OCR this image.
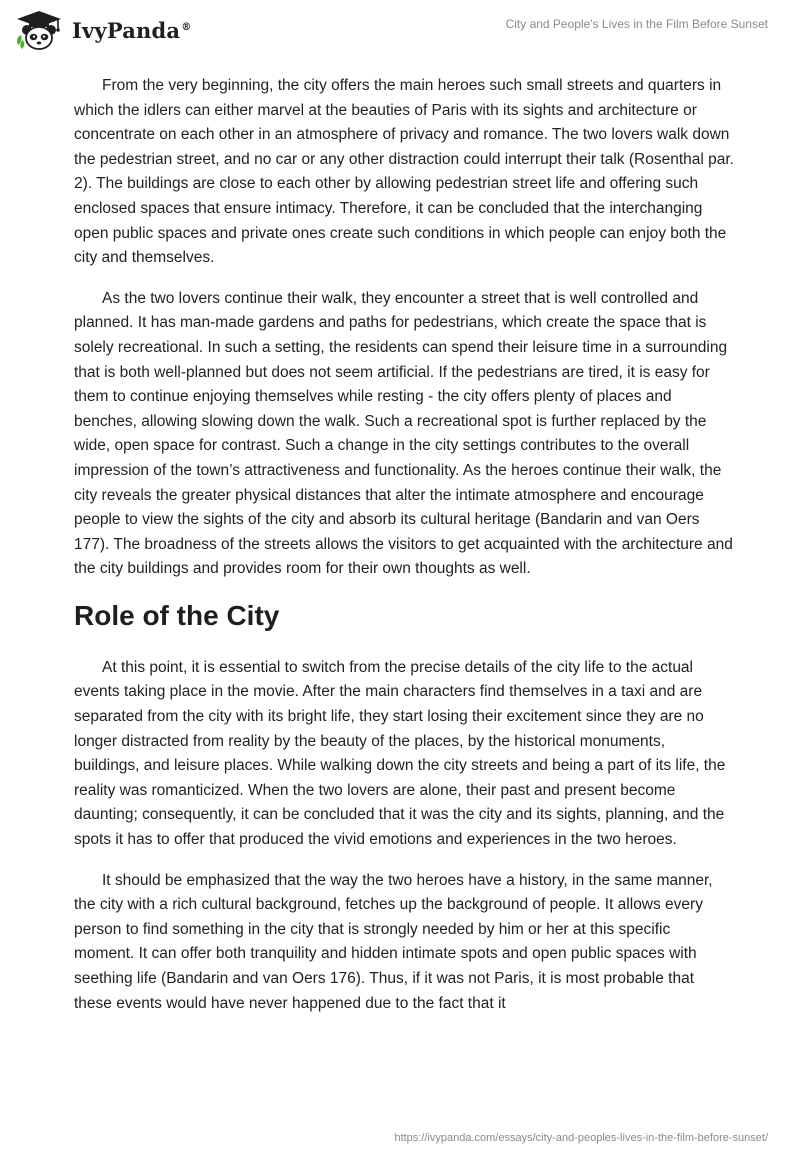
IvyPanda®	City and People's Lives in the Film Before Sunset

From the very beginning, the city offers the main heroes such small streets and quarters in which the idlers can either marvel at the beauties of Paris with its sights and architecture or concentrate on each other in an atmosphere of privacy and romance. The two lovers walk down the pedestrian street, and no car or any other distraction could interrupt their talk (Rosenthal par. 2). The buildings are close to each other by allowing pedestrian street life and offering such enclosed spaces that ensure intimacy. Therefore, it can be concluded that the interchanging open public spaces and private ones create such conditions in which people can enjoy both the city and themselves.

As the two lovers continue their walk, they encounter a street that is well controlled and planned. It has man-made gardens and paths for pedestrians, which create the space that is solely recreational. In such a setting, the residents can spend their leisure time in a surrounding that is both well-planned but does not seem artificial. If the pedestrians are tired, it is easy for them to continue enjoying themselves while resting - the city offers plenty of places and benches, allowing slowing down the walk. Such a recreational spot is further replaced by the wide, open space for contrast. Such a change in the city settings contributes to the overall impression of the town’s attractiveness and functionality. As the heroes continue their walk, the city reveals the greater physical distances that alter the intimate atmosphere and encourage people to view the sights of the city and absorb its cultural heritage (Bandarin and van Oers 177). The broadness of the streets allows the visitors to get acquainted with the architecture and the city buildings and provides room for their own thoughts as well.

Role of the City

At this point, it is essential to switch from the precise details of the city life to the actual events taking place in the movie. After the main characters find themselves in a taxi and are separated from the city with its bright life, they start losing their excitement since they are no longer distracted from reality by the beauty of the places, by the historical monuments, buildings, and leisure places. While walking down the city streets and being a part of its life, the reality was romanticized. When the two lovers are alone, their past and present become daunting; consequently, it can be concluded that it was the city and its sights, planning, and the spots it has to offer that produced the vivid emotions and experiences in the two heroes.

It should be emphasized that the way the two heroes have a history, in the same manner, the city with a rich cultural background, fetches up the background of people. It allows every person to find something in the city that is strongly needed by him or her at this specific moment. It can offer both tranquility and hidden intimate spots and open public spaces with seething life (Bandarin and van Oers 176). Thus, if it was not Paris, it is most probable that these events would have never happened due to the fact that it

https://ivypanda.com/essays/city-and-peoples-lives-in-the-film-before-sunset/
